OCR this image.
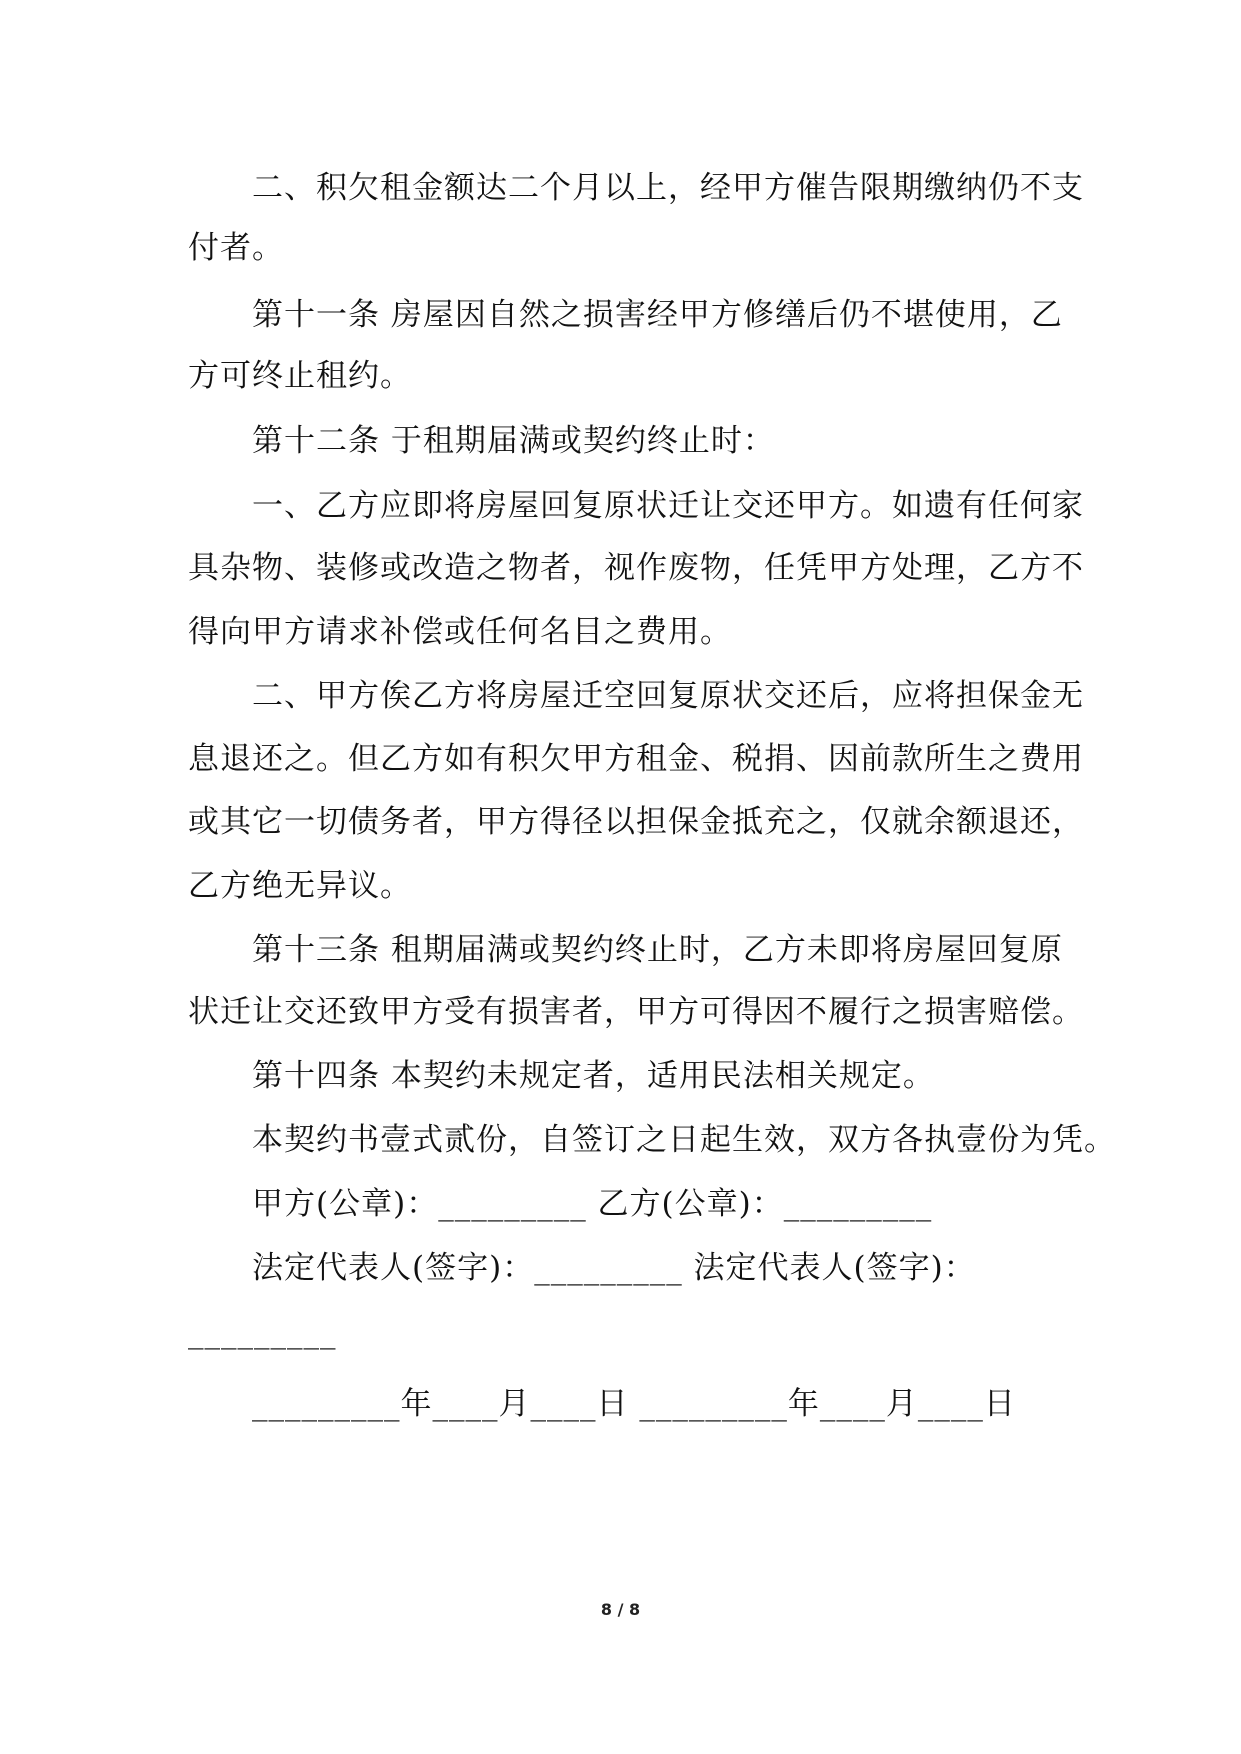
二、积欠租金额达二个月以上，经甲方催告限期缴纳仍不支
付者。
第十一条 房屋因自然之损害经甲方修缮后仍不堪使用，乙
方可终止租约。
第十二条 于租期届满或契约终止时：
一、乙方应即将房屋回复原状迁让交还甲方。如遗有任何家
具杂物、装修或改造之物者，视作废物，任凭甲方处理，乙方不
得向甲方请求补偿或任何名目之费用。
二、甲方俟乙方将房屋迁空回复原状交还后，应将担保金无
息退还之。但乙方如有积欠甲方租金、税捐、因前款所生之费用
或其它一切债务者，甲方得径以担保金抵充之，仅就余额退还，
乙方绝无异议。
第十三条 租期届满或契约终止时，乙方未即将房屋回复原
状迁让交还致甲方受有损害者，甲方可得因不履行之损害赔偿。
第十四条 本契约未规定者，适用民法相关规定。
本契约书壹式贰份，自签订之日起生效，双方各执壹份为凭。
甲方(公章)：_________ 乙方(公章)：_________
法定代表人(签字)：_________ 法定代表人(签字)：
_________
_________年____月____日 _________年____月____日
8 / 8
